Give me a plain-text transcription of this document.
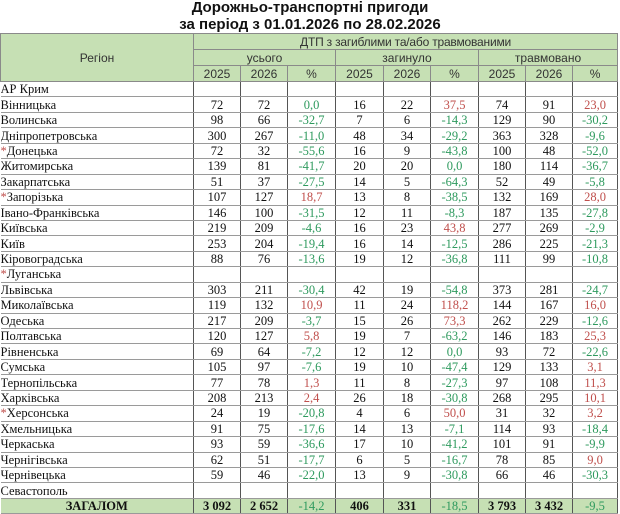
Дорожньо-транспортні пригоди
за період з 01.01.2026 по 28.02.2026
Регіон	ДТП з загиблими та/або травмованими								
	усього			загинуло			травмовано		
	2025	2026	%	2025	2026	%	2025	2026	%
АР Крим									
Вінницька	72	72	0,0	16	22	37,5	74	91	23,0
Волинська	98	66	-32,7	7	6	-14,3	129	90	-30,2
Дніпропетровська	300	267	-11,0	48	34	-29,2	363	328	-9,6
*Донецька	72	32	-55,6	16	9	-43,8	100	48	-52,0
Житомирська	139	81	-41,7	20	20	0,0	180	114	-36,7
Закарпатська	51	37	-27,5	14	5	-64,3	52	49	-5,8
*Запорізька	107	127	18,7	13	8	-38,5	132	169	28,0
Івано-Франківська	146	100	-31,5	12	11	-8,3	187	135	-27,8
Київська	219	209	-4,6	16	23	43,8	277	269	-2,9
Київ	253	204	-19,4	16	14	-12,5	286	225	-21,3
Кіровоградська	88	76	-13,6	19	12	-36,8	111	99	-10,8
*Луганська									
Львівська	303	211	-30,4	42	19	-54,8	373	281	-24,7
Миколаївська	119	132	10,9	11	24	118,2	144	167	16,0
Одеська	217	209	-3,7	15	26	73,3	262	229	-12,6
Полтавська	120	127	5,8	19	7	-63,2	146	183	25,3
Рівненська	69	64	-7,2	12	12	0,0	93	72	-22,6
Сумська	105	97	-7,6	19	10	-47,4	129	133	3,1
Тернопільська	77	78	1,3	11	8	-27,3	97	108	11,3
Харківська	208	213	2,4	26	18	-30,8	268	295	10,1
*Херсонська	24	19	-20,8	4	6	50,0	31	32	3,2
Хмельницька	91	75	-17,6	14	13	-7,1	114	93	-18,4
Черкаська	93	59	-36,6	17	10	-41,2	101	91	-9,9
Чернігівська	62	51	-17,7	6	5	-16,7	78	85	9,0
Чернівецька	59	46	-22,0	13	9	-30,8	66	46	-30,3
Севастополь									
ЗАГАЛОМ	3 092	2 652	-14,2	406	331	-18,5	3 793	3 432	-9,5
